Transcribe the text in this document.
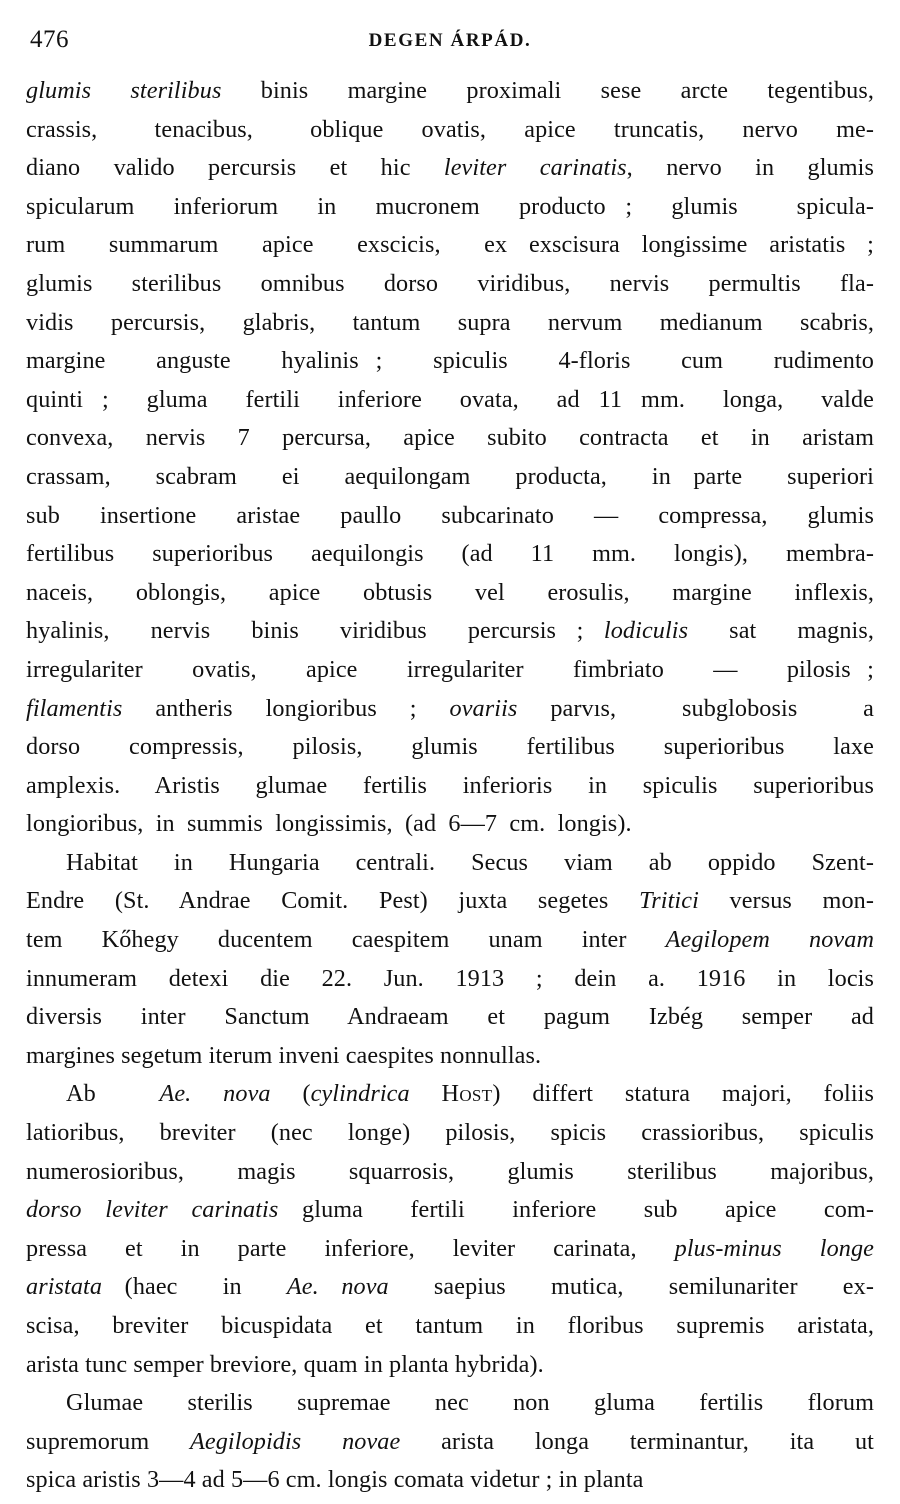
476	DEGEN ÁRPÁD.

glumis sterilibus binis margine proximali sese arcte tegentibus,
crassis,   tenacibus,   oblique  ovatis,  apice  truncatis,  nervo  me-
diano valido percursis et hic leviter carinatis, nervo in glumis
spicularum  inferiorum  in  mucronem  producto ;  glumis   spicula-
rum  summarum  apice  exscicis,  ex exscisura longissime aristatis ;
glumis  sterilibus  omnibus  dorso  viridibus,  nervis  permultis  fla-
vidis percursis, glabris, tantum supra nervum medianum scabris,
margine   anguste   hyalinis ;   spiculis   4-floris   cum   rudimento
quinti ;  gluma  fertili  inferiore  ovata,  ad 11 mm.  longa,  valde
convexa, nervis 7 percursa, apice subito contracta et in aristam
crassam,  scabram  ei  aequilongam  producta,  in parte  superiori
sub  insertione  aristae  paullo  subcarinato  —  compressa,  glumis
fertilibus superioribus aequilongis (ad 11 mm. longis), membra-
naceis,  oblongis,  apice  obtusis  vel  erosulis,  margine  inflexis,
hyalinis,  nervis  binis  viridibus  percursis ; lodiculis  sat  magnis,
irregulariter   ovatis,   apice   irregulariter   fimbriato   —   pilosis ;
filamentis antheris longioribus ; ovariis parvıs,  subglobosis  a
dorso  compressis,  pilosis,  glumis  fertilibus  superioribus  laxe
amplexis. Aristis glumae fertilis inferioris in spiculis superioribus
longioribus,  in  summis  longissimis,  (ad  6—7  cm.  longis).

Habitat in Hungaria centrali. Secus viam ab oppido Szent-
Endre (St. Andrae Comit. Pest) juxta segetes Tritici versus mon-
tem Kőhegy ducentem caespitem unam inter Aegilopem novam
innumeram detexi die 22. Jun. 1913 ; dein a. 1916 in locis
diversis  inter  Sanctum  Andraeam  et  pagum  Izbég  semper  ad
margines segetum iterum inveni caespites nonnullas.

Ab  Ae. nova (cylindrica Host) differt statura majori, foliis
latioribus,  breviter  (nec  longe)  pilosis,  spicis  crassioribus,  spiculis
numerosioribus,  magis  squarrosis,  glumis  sterilibus  majoribus,
dorso leviter carinatis gluma  fertili  inferiore  sub  apice  com-
pressa et in parte inferiore, leviter carinata, plus-minus longe
aristata (haec  in  Ae. nova  saepius  mutica,  semilunariter  ex-
scisa, breviter bicuspidata et tantum in floribus supremis aristata,
arista tunc semper breviore, quam in planta hybrida).

Glumae  sterilis  supremae  nec  non  gluma  fertilis  florum
supremorum Aegilopidis novae arista longa terminantur, ita ut
spica aristis 3—4 ad 5—6 cm. longis comata videtur ; in planta
